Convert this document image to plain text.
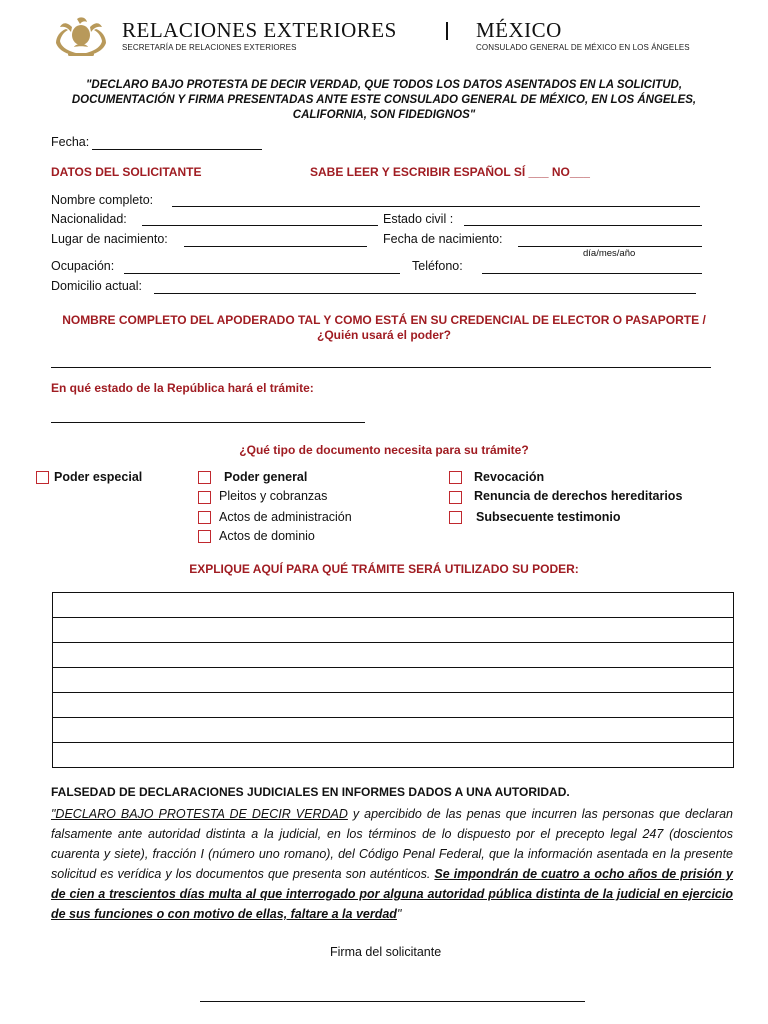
RELACIONES EXTERIORES	MÉXICO
SECRETARÍA DE RELACIONES EXTERIORES	CONSULADO GENERAL DE MÉXICO EN LOS ÁNGELES
"DECLARO BAJO PROTESTA DE DECIR VERDAD, QUE TODOS LOS DATOS ASENTADOS EN LA SOLICITUD, DOCUMENTACIÓN Y FIRMA PRESENTADAS ANTE ESTE CONSULADO GENERAL DE MÉXICO, EN LOS ÁNGELES, CALIFORNIA, SON FIDEDIGNOS"
Fecha:
DATOS DEL SOLICITANTE	SABE LEER Y ESCRIBIR ESPAÑOL SÍ ___ NO___
Nombre completo:
Nacionalidad:	Estado civil :
Lugar de nacimiento:	Fecha de nacimiento:
día/mes/año
Ocupación:	Teléfono:
Domicilio actual:
NOMBRE COMPLETO DEL APODERADO TAL Y COMO ESTÁ EN SU CREDENCIAL DE ELECTOR O PASAPORTE / ¿Quién usará el poder?
En qué estado de la República hará el trámite:
¿Qué tipo de documento necesita para su trámite?
Poder especial	Poder general
Pleitos y cobranzas
Actos de administración
Actos de dominio
Revocación
Renuncia de derechos hereditarios
Subsecuente testimonio
EXPLIQUE AQUÍ PARA QUÉ TRÁMITE SERÁ UTILIZADO SU PODER:
FALSEDAD DE DECLARACIONES JUDICIALES EN INFORMES DADOS A UNA AUTORIDAD.
"DECLARO BAJO PROTESTA DE DECIR VERDAD y apercibido de las penas que incurren las personas que declaran falsamente ante autoridad distinta a la judicial, en los términos de lo dispuesto por el precepto legal 247 (doscientos cuarenta y siete), fracción I (número uno romano), del Código Penal Federal, que la información asentada en la presente solicitud es verídica y los documentos que presenta son auténticos. Se impondrán de cuatro a ocho años de prisión y de cien a trescientos días multa al que interrogado por alguna autoridad pública distinta de la judicial en ejercicio de sus funciones o con motivo de ellas, faltare a la verdad"
Firma del solicitante
